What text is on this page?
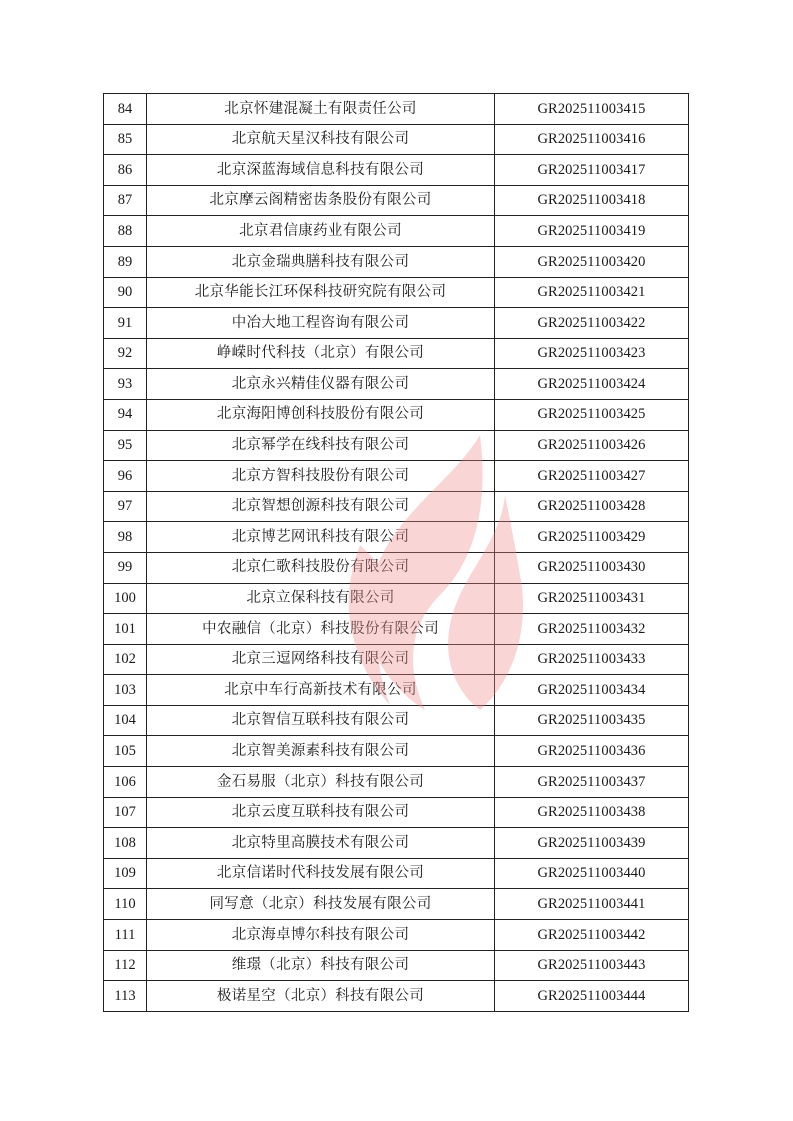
84	北京怀建混凝土有限责任公司	GR202511003415
85	北京航天星汉科技有限公司	GR202511003416
86	北京深蓝海域信息科技有限公司	GR202511003417
87	北京摩云阁精密齿条股份有限公司	GR202511003418
88	北京君信康药业有限公司	GR202511003419
89	北京金瑞典膳科技有限公司	GR202511003420
90	北京华能长江环保科技研究院有限公司	GR202511003421
91	中冶大地工程咨询有限公司	GR202511003422
92	峥嵘时代科技（北京）有限公司	GR202511003423
93	北京永兴精佳仪器有限公司	GR202511003424
94	北京海阳博创科技股份有限公司	GR202511003425
95	北京幂学在线科技有限公司	GR202511003426
96	北京方智科技股份有限公司	GR202511003427
97	北京智想创源科技有限公司	GR202511003428
98	北京博艺网讯科技有限公司	GR202511003429
99	北京仁歌科技股份有限公司	GR202511003430
100	北京立保科技有限公司	GR202511003431
101	中农融信（北京）科技股份有限公司	GR202511003432
102	北京三逗网络科技有限公司	GR202511003433
103	北京中车行高新技术有限公司	GR202511003434
104	北京智信互联科技有限公司	GR202511003435
105	北京智美源素科技有限公司	GR202511003436
106	金石易服（北京）科技有限公司	GR202511003437
107	北京云度互联科技有限公司	GR202511003438
108	北京特里高膜技术有限公司	GR202511003439
109	北京信诺时代科技发展有限公司	GR202511003440
110	同写意（北京）科技发展有限公司	GR202511003441
111	北京海卓博尔科技有限公司	GR202511003442
112	维璟（北京）科技有限公司	GR202511003443
113	极诺星空（北京）科技有限公司	GR202511003444
